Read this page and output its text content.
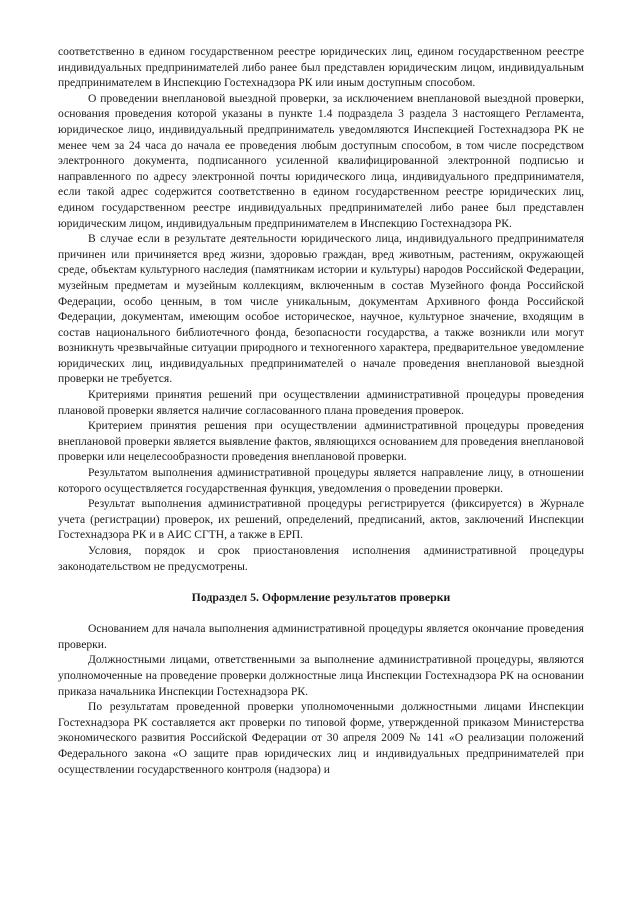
соответственно в едином государственном реестре юридических лиц, едином государственном реестре индивидуальных предпринимателей либо ранее был представлен юридическим лицом, индивидуальным предпринимателем в Инспекцию Гостехнадзора РК или иным доступным способом.

О проведении внеплановой выездной проверки, за исключением внеплановой выездной проверки, основания проведения которой указаны в пункте 1.4 подраздела 3 раздела 3 настоящего Регламента, юридическое лицо, индивидуальный предприниматель уведомляются Инспекцией Гостехнадзора РК не менее чем за 24 часа до начала ее проведения любым доступным способом, в том числе посредством электронного документа, подписанного усиленной квалифицированной электронной подписью и направленного по адресу электронной почты юридического лица, индивидуального предпринимателя, если такой адрес содержится соответственно в едином государственном реестре юридических лиц, едином государственном реестре индивидуальных предпринимателей либо ранее был представлен юридическим лицом, индивидуальным предпринимателем в Инспекцию Гостехнадзора РК.

В случае если в результате деятельности юридического лица, индивидуального предпринимателя причинен или причиняется вред жизни, здоровью граждан, вред животным, растениям, окружающей среде, объектам культурного наследия (памятникам истории и культуры) народов Российской Федерации, музейным предметам и музейным коллекциям, включенным в состав Музейного фонда Российской Федерации, особо ценным, в том числе уникальным, документам Архивного фонда Российской Федерации, документам, имеющим особое историческое, научное, культурное значение, входящим в состав национального библиотечного фонда, безопасности государства, а также возникли или могут возникнуть чрезвычайные ситуации природного и техногенного характера, предварительное уведомление юридических лиц, индивидуальных предпринимателей о начале проведения внеплановой выездной проверки не требуется.

Критериями принятия решений при осуществлении административной процедуры проведения плановой проверки является наличие согласованного плана проведения проверок.

Критерием принятия решения при осуществлении административной процедуры проведения внеплановой проверки является выявление фактов, являющихся основанием для проведения внеплановой проверки или нецелесообразности проведения внеплановой проверки.

Результатом выполнения административной процедуры является направление лицу, в отношении которого осуществляется государственная функция, уведомления о проведении проверки.

Результат выполнения административной процедуры регистрируется (фиксируется) в Журнале учета (регистрации) проверок, их решений, определений, предписаний, актов, заключений Инспекции Гостехнадзора РК и в АИС СГТН, а также в ЕРП.

Условия, порядок и срок приостановления исполнения административной процедуры законодательством не предусмотрены.

Подраздел 5. Оформление результатов проверки

Основанием для начала выполнения административной процедуры является окончание проведения проверки.

Должностными лицами, ответственными за выполнение административной процедуры, являются уполномоченные на проведение проверки должностные лица Инспекции Гостехнадзора РК на основании приказа начальника Инспекции Гостехнадзора РК.

По результатам проведенной проверки уполномоченными должностными лицами Инспекции Гостехнадзора РК составляется акт проверки по типовой форме, утвержденной приказом Министерства экономического развития Российской Федерации от 30 апреля 2009 № 141 «О реализации положений Федерального закона «О защите прав юридических лиц и индивидуальных предпринимателей при осуществлении государственного контроля (надзора) и
